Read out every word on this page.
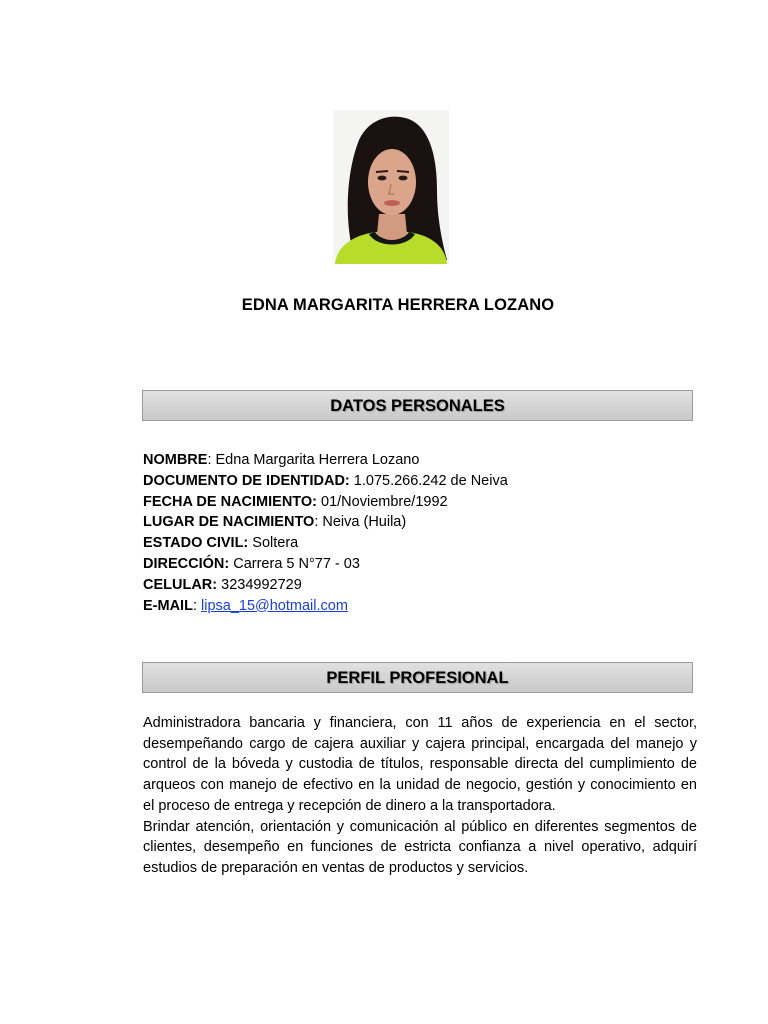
EDNA MARGARITA HERRERA LOZANO
DATOS PERSONALES
NOMBRE: Edna Margarita Herrera Lozano
DOCUMENTO DE IDENTIDAD: 1.075.266.242 de Neiva
FECHA DE NACIMIENTO: 01/Noviembre/1992
LUGAR DE NACIMIENTO: Neiva (Huila)
ESTADO CIVIL: Soltera
DIRECCIÓN: Carrera 5 N°77 - 03
CELULAR: 3234992729
E-MAIL: lipsa_15@hotmail.com
PERFIL PROFESIONAL

Administradora bancaria y financiera, con 11 años de experiencia en el sector, desempeñando cargo de cajera auxiliar y cajera principal, encargada del manejo y control de la bóveda y custodia de títulos, responsable directa del cumplimiento de arqueos con manejo de efectivo en la unidad de negocio, gestión y conocimiento en el proceso de entrega y recepción de dinero a la transportadora.

Brindar atención, orientación y comunicación al público en diferentes segmentos de clientes, desempeño en funciones de estricta confianza a nivel operativo, adquirí estudios de preparación en ventas de productos y servicios.
